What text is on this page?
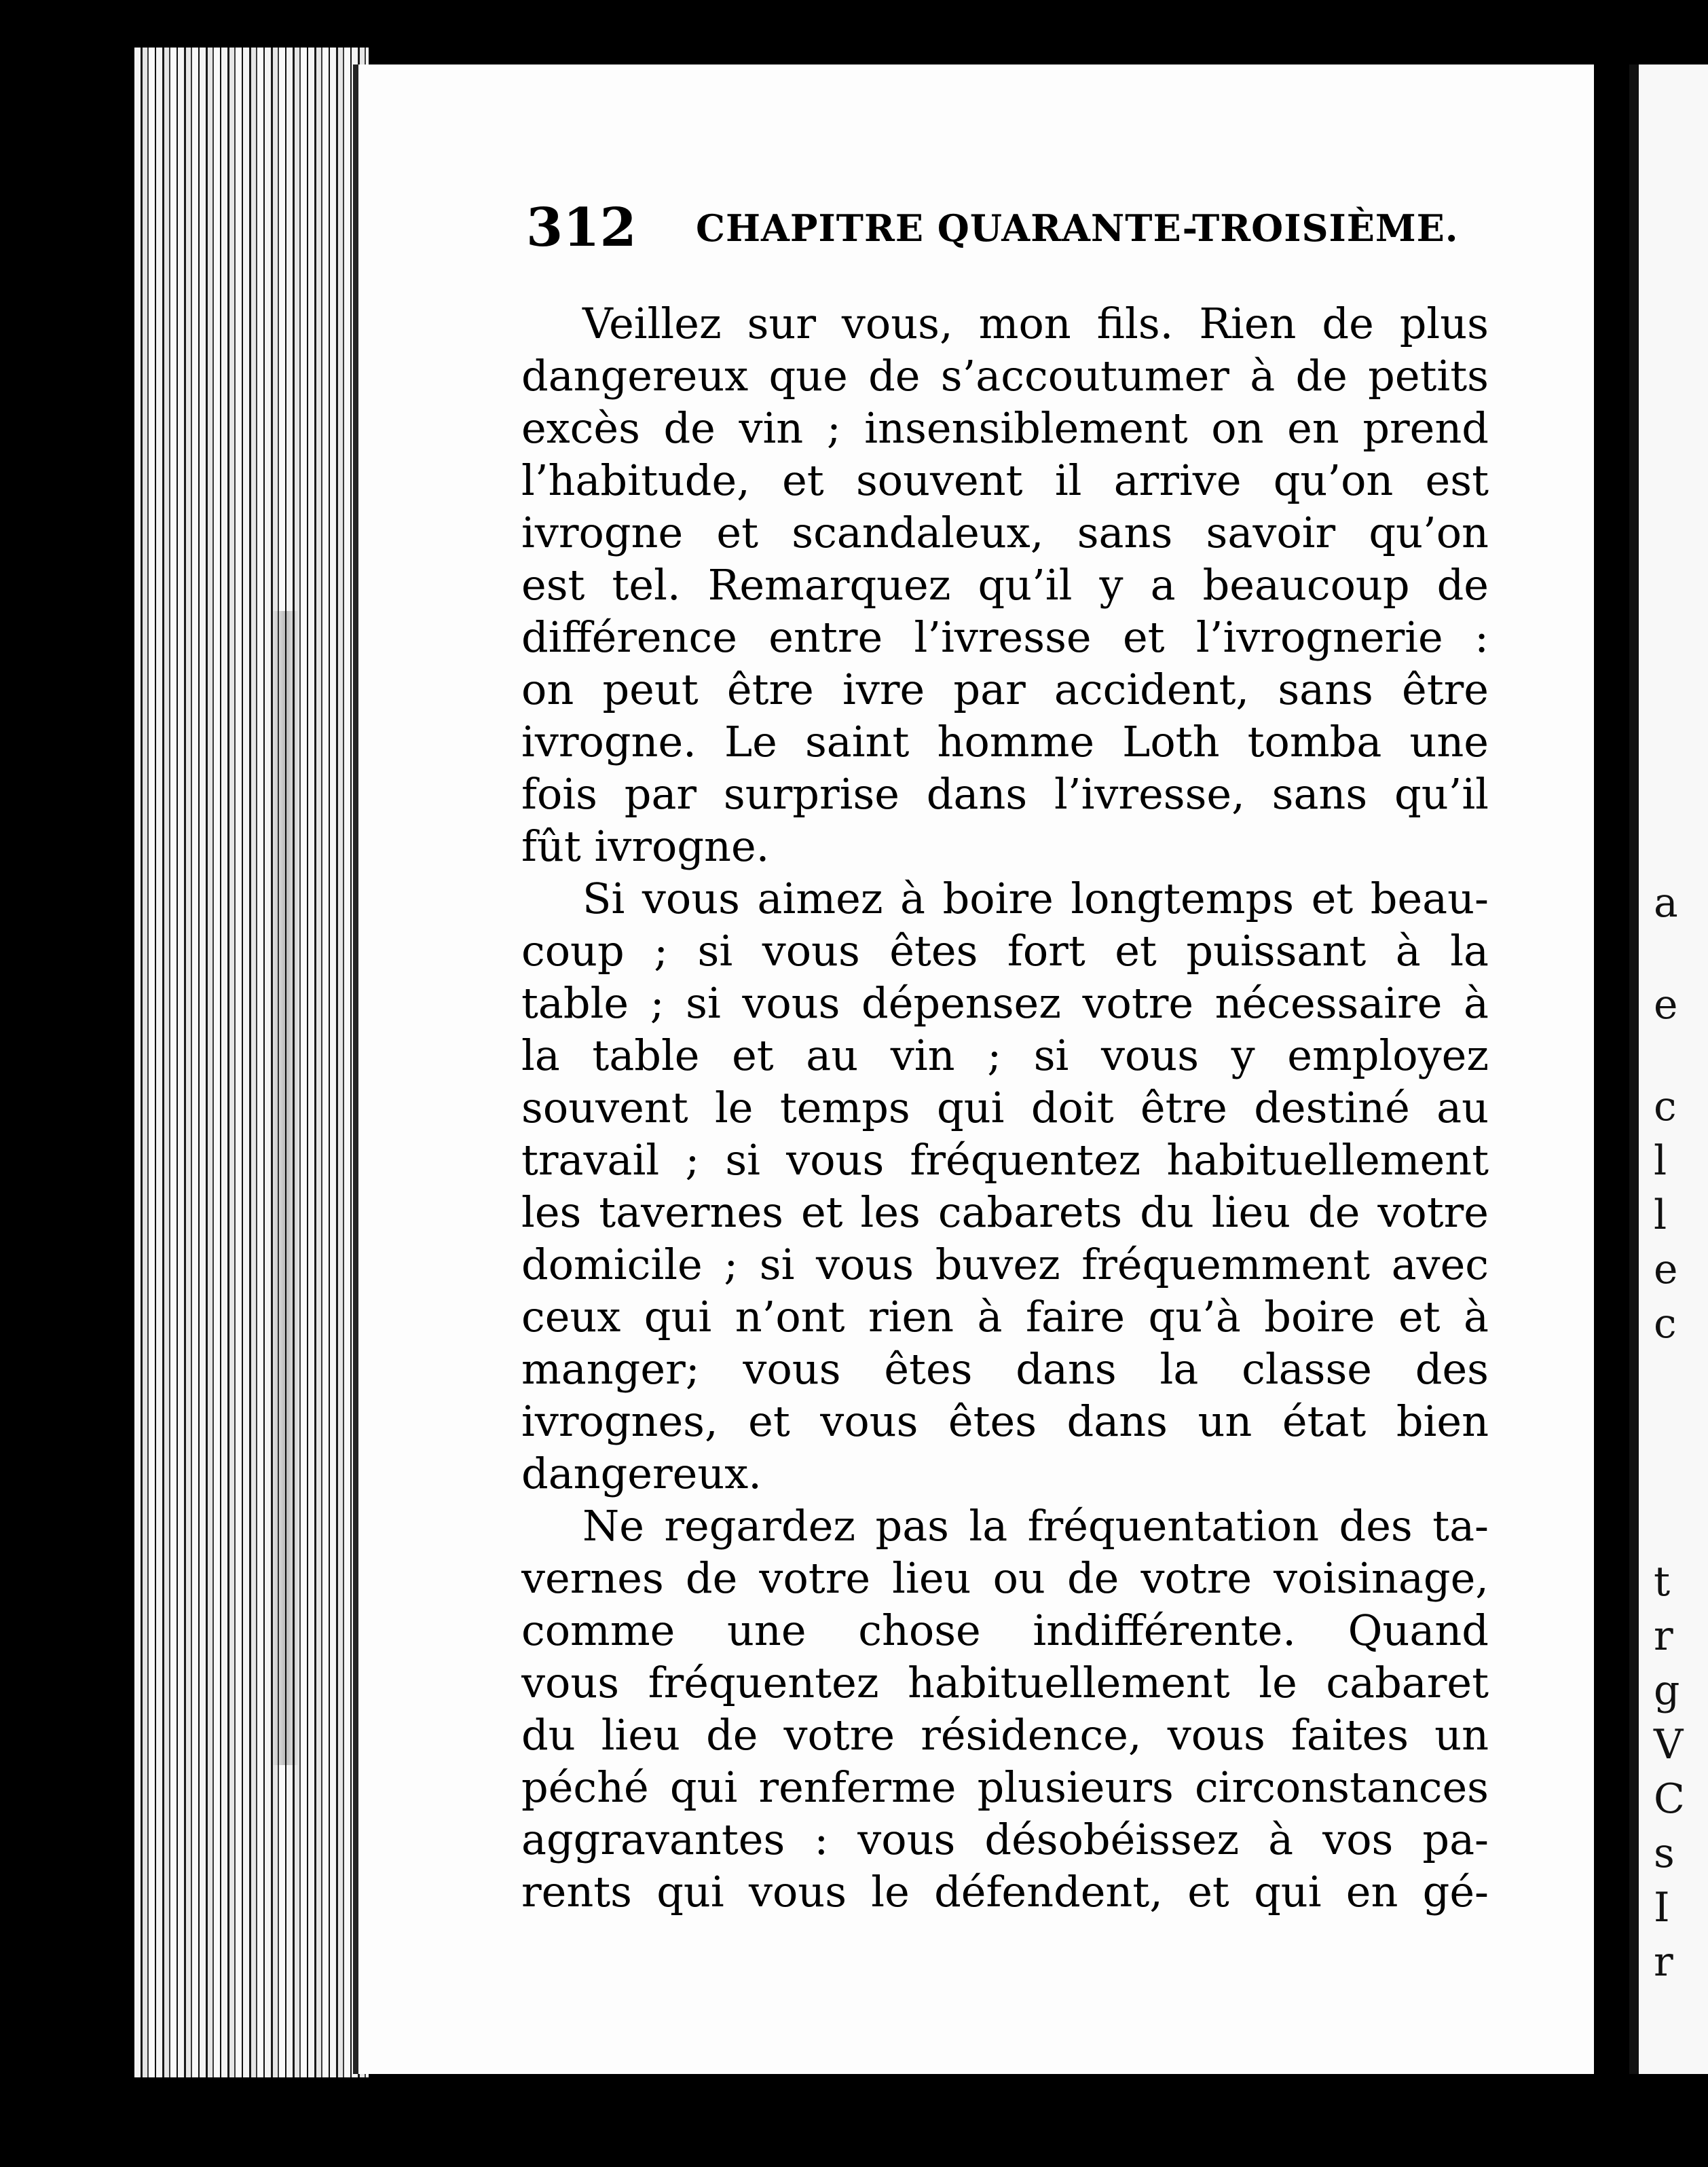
a
e
c
l
l
e
c
t
r
g
V
C
s
I
r
312 CHAPITRE QUARANTE-TROISIÈME.
Veillez sur vous, mon fils. Rien de plus
dangereux que de s’accoutumer à de petits
excès de vin ; insensiblement on en prend
l’habitude, et souvent il arrive qu’on est
ivrogne et scandaleux, sans savoir qu’on
est tel. Remarquez qu’il y a beaucoup de
différence entre l’ivresse et l’ivrognerie :
on peut être ivre par accident, sans être
ivrogne. Le saint homme Loth tomba une
fois par surprise dans l’ivresse, sans qu’il
fût ivrogne.
Si vous aimez à boire longtemps et beau-
coup ; si vous êtes fort et puissant à la
table ; si vous dépensez votre nécessaire à
la table et au vin ; si vous y employez
souvent le temps qui doit être destiné au
travail ; si vous fréquentez habituellement
les tavernes et les cabarets du lieu de votre
domicile ; si vous buvez fréquemment avec
ceux qui n’ont rien à faire qu’à boire et à
manger; vous êtes dans la classe des
ivrognes, et vous êtes dans un état bien
dangereux.
Ne regardez pas la fréquentation des ta-
vernes de votre lieu ou de votre voisinage,
comme une chose indifférente. Quand
vous fréquentez habituellement le cabaret
du lieu de votre résidence, vous faites un
péché qui renferme plusieurs circonstances
aggravantes : vous désobéissez à vos pa-
rents qui vous le défendent, et qui en gé-
